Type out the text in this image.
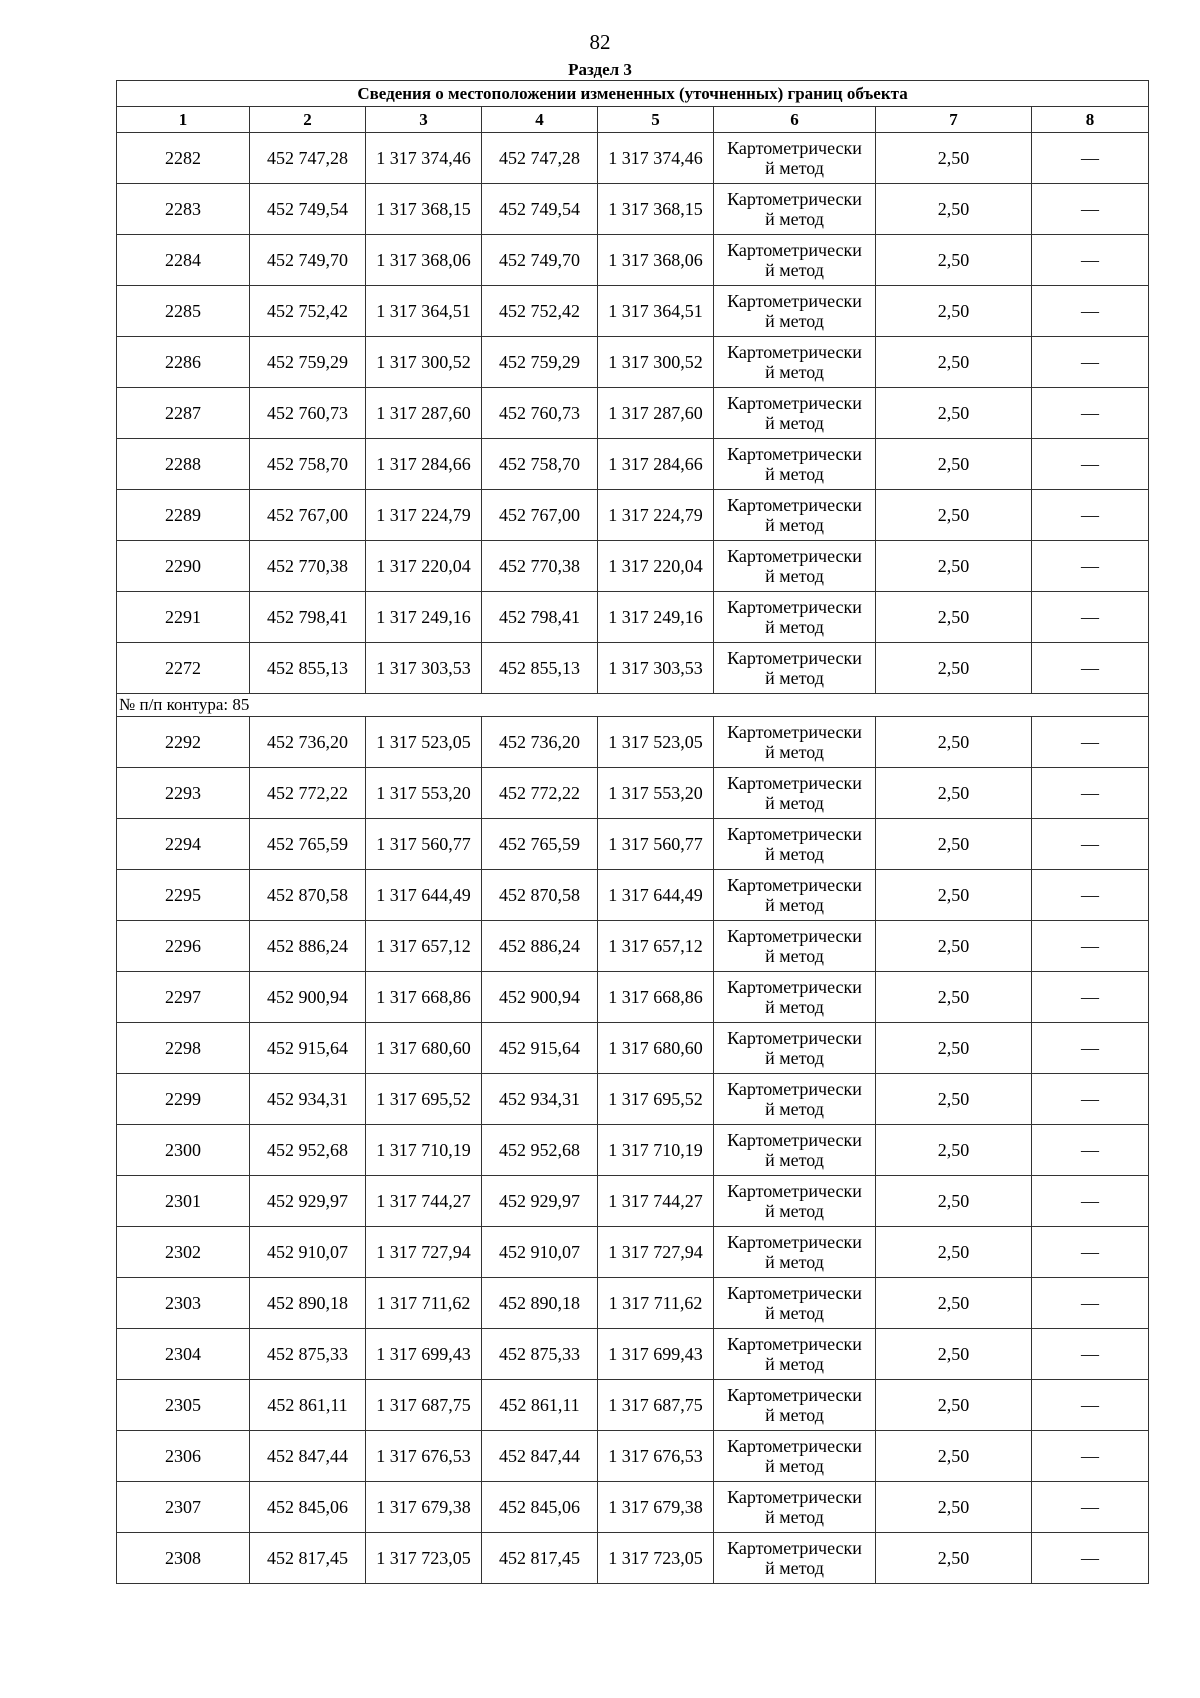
82
Раздел 3
Сведения о местоположении измененных (уточненных) границ объекта							
1	2	3	4	5	6	7	8
2282	452 747,28	1 317 374,46	452 747,28	1 317 374,46	Картометрически
й метод	2,50	—
2283	452 749,54	1 317 368,15	452 749,54	1 317 368,15	Картометрически
й метод	2,50	—
2284	452 749,70	1 317 368,06	452 749,70	1 317 368,06	Картометрически
й метод	2,50	—
2285	452 752,42	1 317 364,51	452 752,42	1 317 364,51	Картометрически
й метод	2,50	—
2286	452 759,29	1 317 300,52	452 759,29	1 317 300,52	Картометрически
й метод	2,50	—
2287	452 760,73	1 317 287,60	452 760,73	1 317 287,60	Картометрически
й метод	2,50	—
2288	452 758,70	1 317 284,66	452 758,70	1 317 284,66	Картометрически
й метод	2,50	—
2289	452 767,00	1 317 224,79	452 767,00	1 317 224,79	Картометрически
й метод	2,50	—
2290	452 770,38	1 317 220,04	452 770,38	1 317 220,04	Картометрически
й метод	2,50	—
2291	452 798,41	1 317 249,16	452 798,41	1 317 249,16	Картометрически
й метод	2,50	—
2272	452 855,13	1 317 303,53	452 855,13	1 317 303,53	Картометрически
й метод	2,50	—
№ п/п контура: 85							
2292	452 736,20	1 317 523,05	452 736,20	1 317 523,05	Картометрически
й метод	2,50	—
2293	452 772,22	1 317 553,20	452 772,22	1 317 553,20	Картометрически
й метод	2,50	—
2294	452 765,59	1 317 560,77	452 765,59	1 317 560,77	Картометрически
й метод	2,50	—
2295	452 870,58	1 317 644,49	452 870,58	1 317 644,49	Картометрически
й метод	2,50	—
2296	452 886,24	1 317 657,12	452 886,24	1 317 657,12	Картометрически
й метод	2,50	—
2297	452 900,94	1 317 668,86	452 900,94	1 317 668,86	Картометрически
й метод	2,50	—
2298	452 915,64	1 317 680,60	452 915,64	1 317 680,60	Картометрически
й метод	2,50	—
2299	452 934,31	1 317 695,52	452 934,31	1 317 695,52	Картометрически
й метод	2,50	—
2300	452 952,68	1 317 710,19	452 952,68	1 317 710,19	Картометрически
й метод	2,50	—
2301	452 929,97	1 317 744,27	452 929,97	1 317 744,27	Картометрически
й метод	2,50	—
2302	452 910,07	1 317 727,94	452 910,07	1 317 727,94	Картометрически
й метод	2,50	—
2303	452 890,18	1 317 711,62	452 890,18	1 317 711,62	Картометрически
й метод	2,50	—
2304	452 875,33	1 317 699,43	452 875,33	1 317 699,43	Картометрически
й метод	2,50	—
2305	452 861,11	1 317 687,75	452 861,11	1 317 687,75	Картометрически
й метод	2,50	—
2306	452 847,44	1 317 676,53	452 847,44	1 317 676,53	Картометрически
й метод	2,50	—
2307	452 845,06	1 317 679,38	452 845,06	1 317 679,38	Картометрически
й метод	2,50	—
2308	452 817,45	1 317 723,05	452 817,45	1 317 723,05	Картометрически
й метод	2,50	—
